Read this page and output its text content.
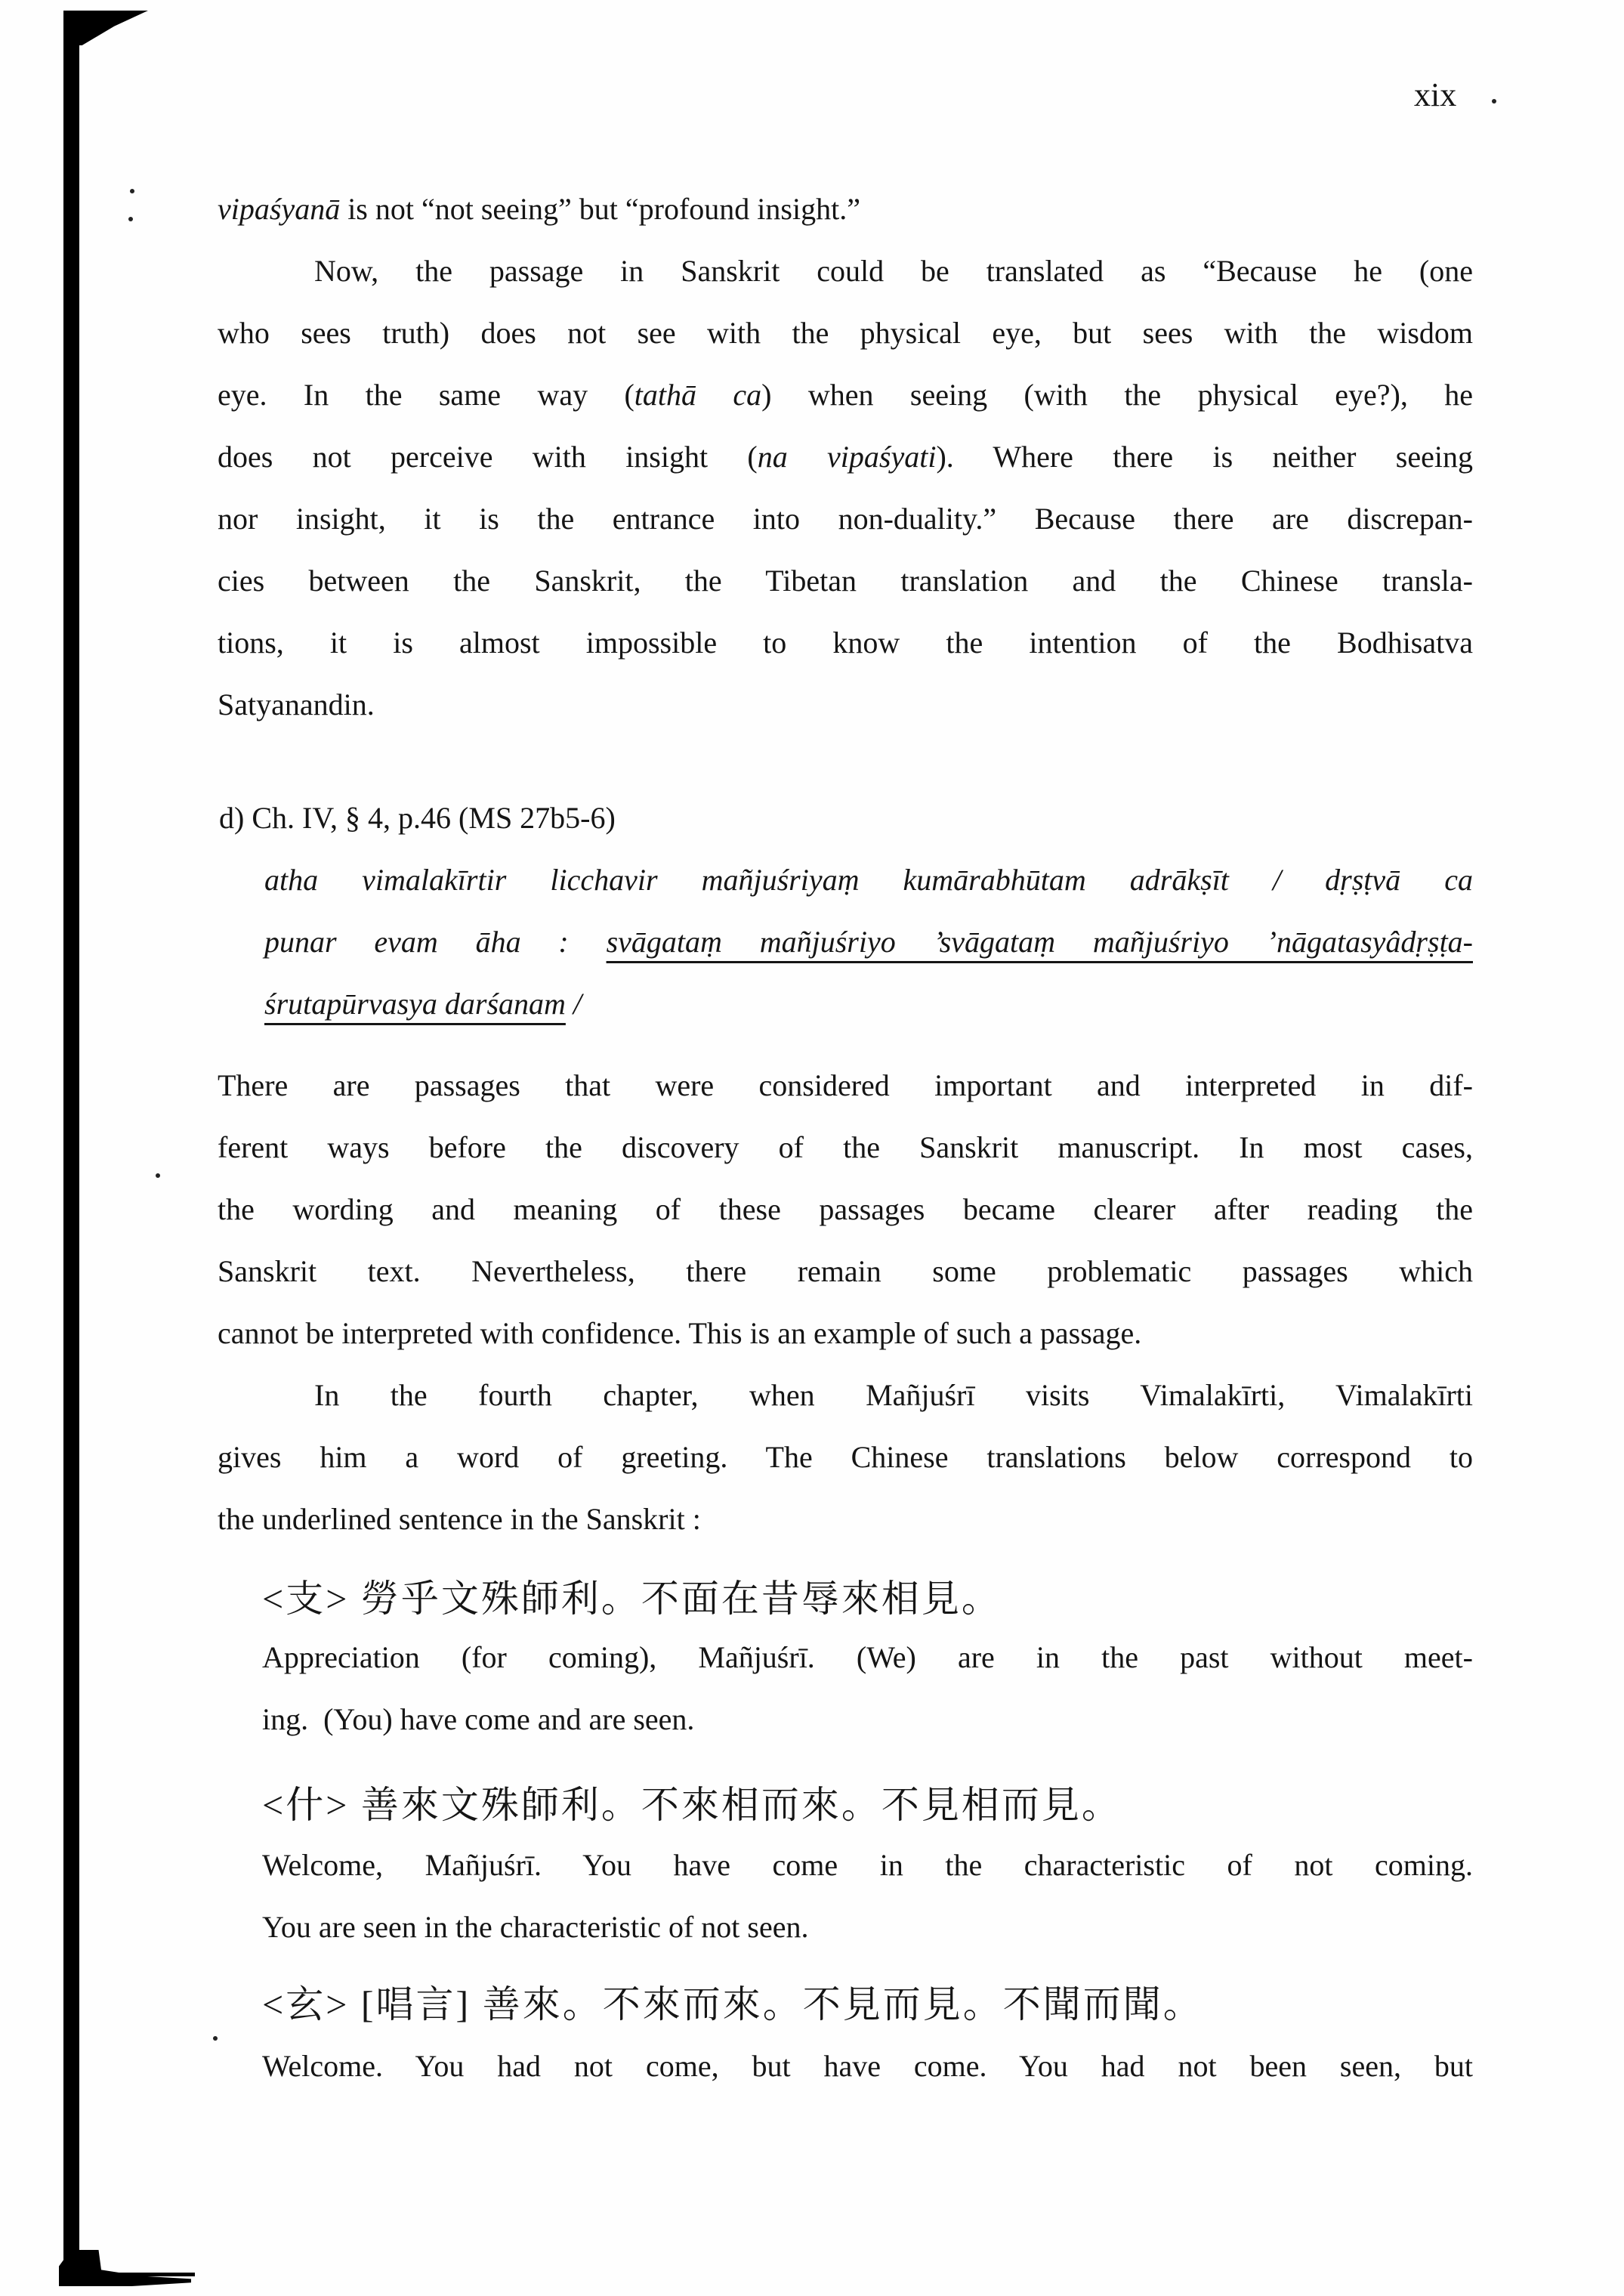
xix
vipaśyanā is not “not seeing” but “profound insight.”
Now, the passage in Sanskrit could be translated as “Because he (one
who sees truth) does not see with the physical eye, but sees with the wisdom
eye. In the same way (tathā ca) when seeing (with the physical eye?), he
does not perceive with insight (na vipaśyati). Where there is neither seeing
nor insight, it is the entrance into non-duality.” Because there are discrepan-
cies between the Sanskrit, the Tibetan translation and the Chinese transla-
tions, it is almost impossible to know the intention of the Bodhisatva
Satyanandin.
d) Ch. IV, § 4, p.46 (MS 27b5-6)
atha vimalakīrtir licchavir mañjuśriyaṃ kumārabhūtam adrākṣīt / dṛṣṭvā ca
punar evam āha : svāgataṃ mañjuśriyo ’svāgataṃ mañjuśriyo ’nāgatasyâdṛṣṭa-
śrutapūrvasya darśanam /
There are passages that were considered important and interpreted in dif-
ferent ways before the discovery of the Sanskrit manuscript. In most cases,
the wording and meaning of these passages became clearer after reading the
Sanskrit text. Nevertheless, there remain some problematic passages which
cannot be interpreted with confidence. This is an example of such a passage.
In the fourth chapter, when Mañjuśrī visits Vimalakīrti, Vimalakīrti
gives him a word of greeting. The Chinese translations below correspond to
the underlined sentence in the Sanskrit :
<支> 勞乎文殊師利。不面在昔辱來相見。
Appreciation (for coming), Mañjuśrī. (We) are in the past without meet-
ing.  (You) have come and are seen.
<什> 善來文殊師利。不來相而來。不見相而見。
Welcome, Mañjuśrī. You have come in the characteristic of not coming.
You are seen in the characteristic of not seen.
<玄> [唱言] 善來。不來而來。不見而見。不聞而聞。
Welcome. You had not come, but have come. You had not been seen, but
